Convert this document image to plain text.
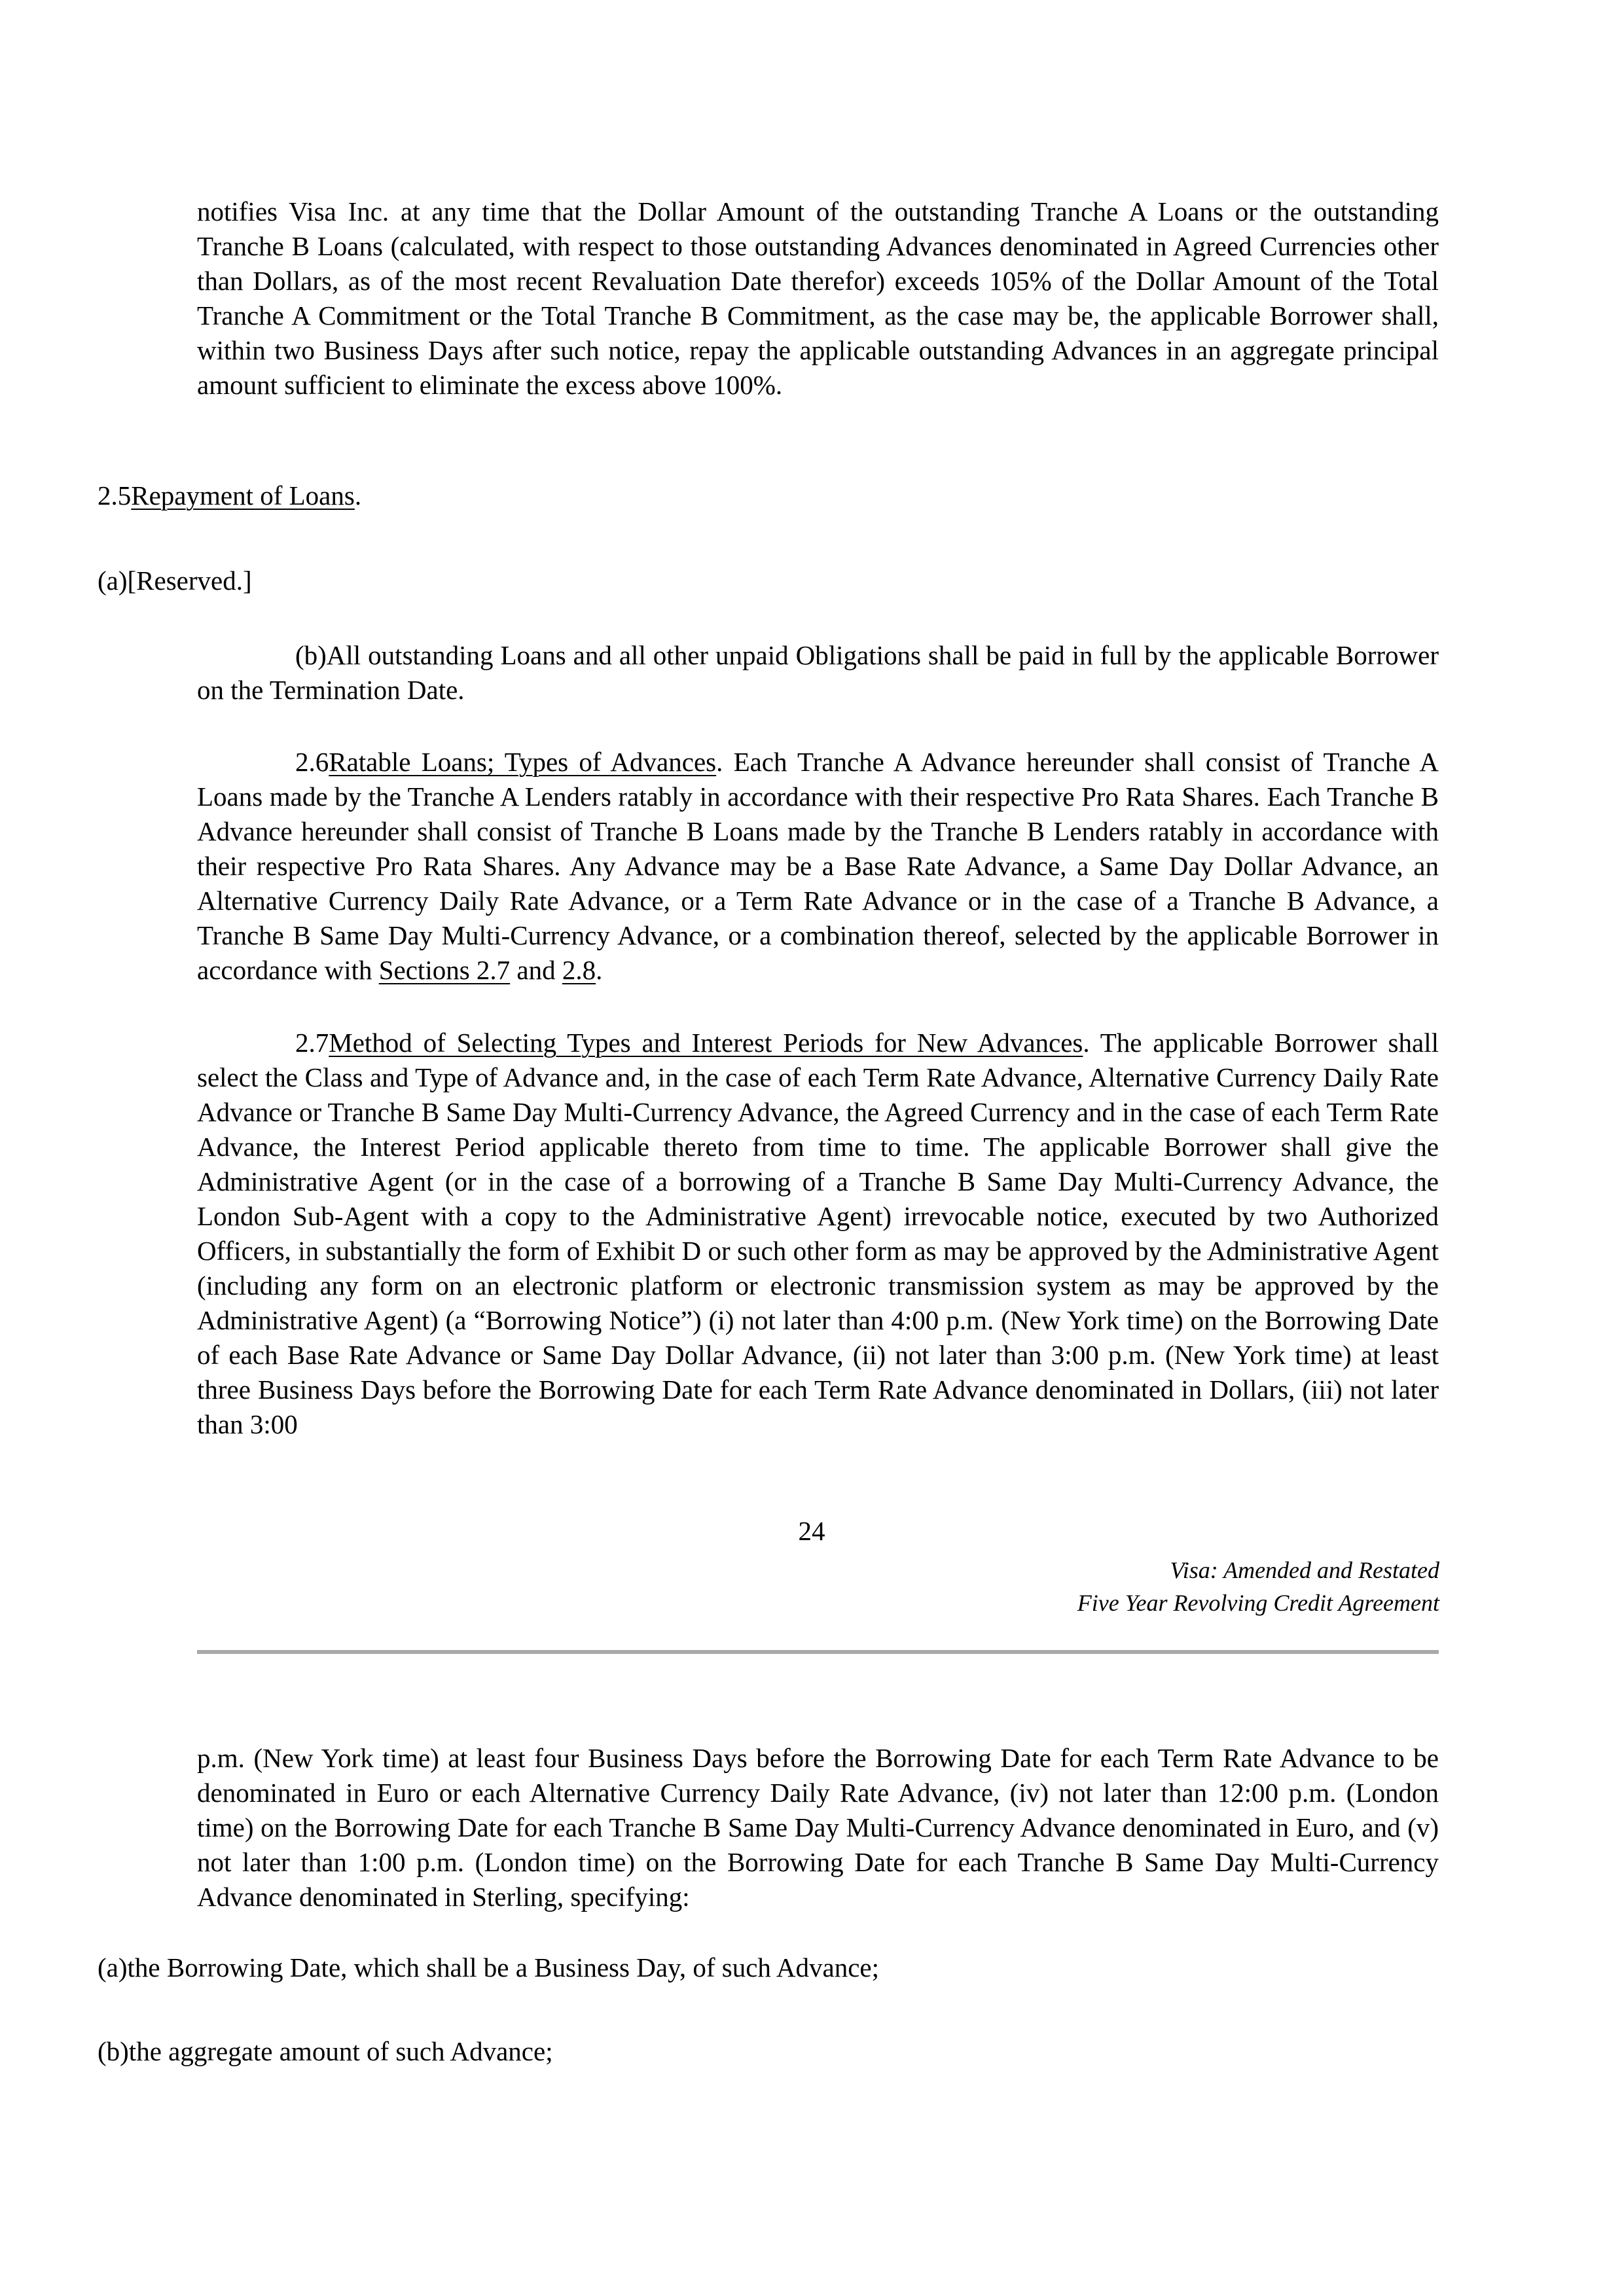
notifies Visa Inc. at any time that the Dollar Amount of the outstanding Tranche A Loans or the outstanding Tranche B Loans (calculated, with respect to those outstanding Advances denominated in Agreed Currencies other than Dollars, as of the most recent Revaluation Date therefor) exceeds 105% of the Dollar Amount of the Total Tranche A Commitment or the Total Tranche B Commitment, as the case may be, the applicable Borrower shall, within two Business Days after such notice, repay the applicable outstanding Advances in an aggregate principal amount sufficient to eliminate the excess above 100%.

2.5Repayment of Loans.

(a)[Reserved.]

(b)All outstanding Loans and all other unpaid Obligations shall be paid in full by the applicable Borrower on the Termination Date.

2.6Ratable Loans; Types of Advances. Each Tranche A Advance hereunder shall consist of Tranche A Loans made by the Tranche A Lenders ratably in accordance with their respective Pro Rata Shares. Each Tranche B Advance hereunder shall consist of Tranche B Loans made by the Tranche B Lenders ratably in accordance with their respective Pro Rata Shares. Any Advance may be a Base Rate Advance, a Same Day Dollar Advance, an Alternative Currency Daily Rate Advance, or a Term Rate Advance or in the case of a Tranche B Advance, a Tranche B Same Day Multi-Currency Advance, or a combination thereof, selected by the applicable Borrower in accordance with Sections 2.7 and 2.8.

2.7Method of Selecting Types and Interest Periods for New Advances. The applicable Borrower shall select the Class and Type of Advance and, in the case of each Term Rate Advance, Alternative Currency Daily Rate Advance or Tranche B Same Day Multi-Currency Advance, the Agreed Currency and in the case of each Term Rate Advance, the Interest Period applicable thereto from time to time. The applicable Borrower shall give the Administrative Agent (or in the case of a borrowing of a Tranche B Same Day Multi-Currency Advance, the London Sub-Agent with a copy to the Administrative Agent) irrevocable notice, executed by two Authorized Officers, in substantially the form of Exhibit D or such other form as may be approved by the Administrative Agent (including any form on an electronic platform or electronic transmission system as may be approved by the Administrative Agent) (a “Borrowing Notice”) (i) not later than 4:00 p.m. (New York time) on the Borrowing Date of each Base Rate Advance or Same Day Dollar Advance, (ii) not later than 3:00 p.m. (New York time) at least three Business Days before the Borrowing Date for each Term Rate Advance denominated in Dollars, (iii) not later than 3:00

24

Visa: Amended and Restated

Five Year Revolving Credit Agreement

p.m. (New York time) at least four Business Days before the Borrowing Date for each Term Rate Advance to be denominated in Euro or each Alternative Currency Daily Rate Advance, (iv) not later than 12:00 p.m. (London time) on the Borrowing Date for each Tranche B Same Day Multi-Currency Advance denominated in Euro, and (v) not later than 1:00 p.m. (London time) on the Borrowing Date for each Tranche B Same Day Multi-Currency Advance denominated in Sterling, specifying:

(a)the Borrowing Date, which shall be a Business Day, of such Advance;

(b)the aggregate amount of such Advance;
